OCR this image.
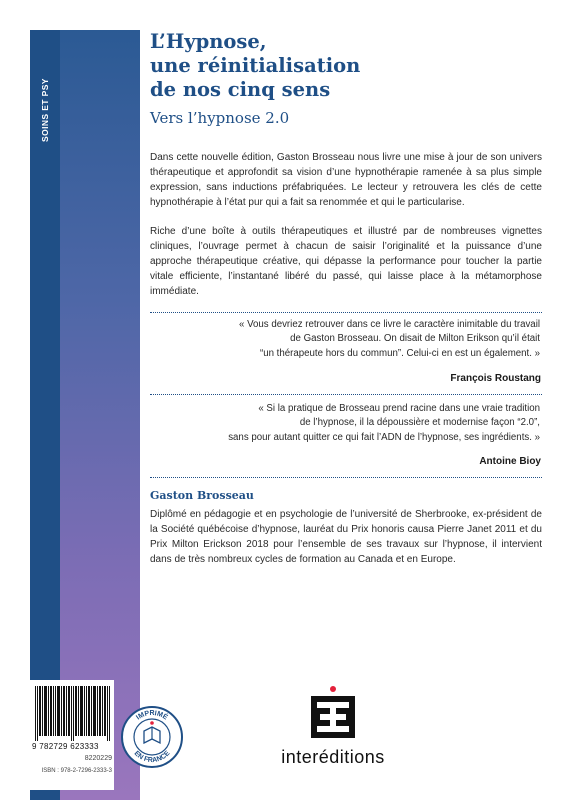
SOINS ET PSY
L’Hypnose,
une réinitialisation
de nos cinq sens
Vers l’hypnose 2.0

Dans cette nouvelle édition, Gaston Brosseau nous livre une mise à jour de son univers thérapeutique et approfondit sa vision d’une hypnothérapie ramenée à sa plus simple expression, sans inductions préfabriquées. Le lecteur y retrouvera les clés de cette hypnothérapie à l’état pur qui a fait sa renommée et qui le particularise.

Riche d’une boîte à outils thérapeutiques et illustré par de nombreuses vignettes cliniques, l’ouvrage permet à chacun de saisir l’originalité et la puissance d’une approche thérapeutique créative, qui dépasse la performance pour toucher la partie vitale efficiente, l’instantané libéré du passé, qui laisse place à la métamorphose immédiate.

« Vous devriez retrouver dans ce livre le caractère inimitable du travail
de Gaston Brosseau. On disait de Milton Erikson qu’il était
“un thérapeute hors du commun”. Celui-ci en est un également. »
François Roustang
« Si la pratique de Brosseau prend racine dans une vraie tradition
de l’hypnose, il la dépoussière et modernise façon “2.0”,
sans pour autant quitter ce qui fait l’ADN de l’hypnose, ses ingrédients. »
Antoine Bioy
Gaston Brosseau

Diplômé en pédagogie et en psychologie de l’université de Sherbrooke, ex-président de la Société québécoise d’hypnose, lauréat du Prix honoris causa Pierre Janet 2011 et du Prix Milton Erickson 2018 pour l’ensemble de ses travaux sur l’hypnose, il intervient dans de très nombreux cycles de formation au Canada et en Europe.

9 782729 623333
8220229
ISBN : 978-2-7296-2333-3
IMPRIMÉ
EN FRANCE	interéditions
